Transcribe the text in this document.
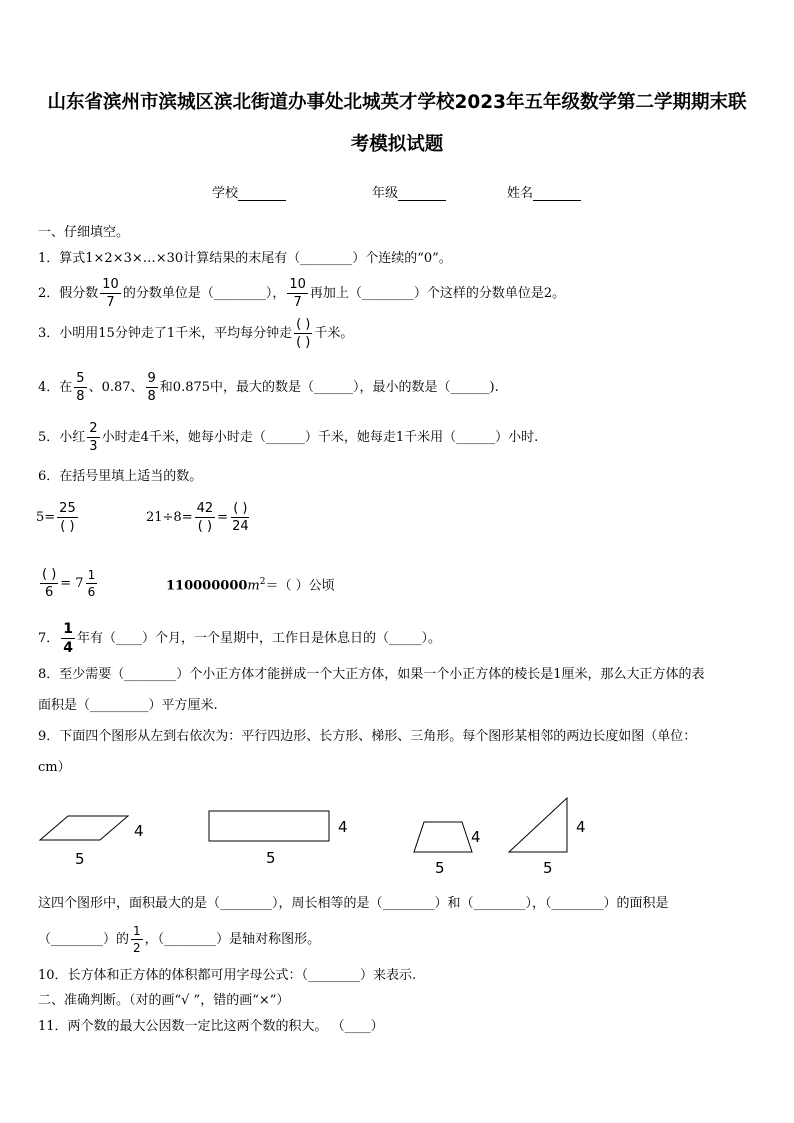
山东省滨州市滨城区滨北街道办事处北城英才学校2023年五年级数学第二学期期末联
考模拟试题
学校	年级	姓名
一、仔细填空。
1．算式1×2×3×…×30计算结果的末尾有（________）个连续的“0”。
2．假分数 $\frac{10}{7}$ 的分数单位是（________）， $\frac{10}{7}$ 再加上（________）个这样的分数单位是2。
3．小明用15分钟走了1千米，平均每分钟走 $\frac{( )}{( )}$ 千米。
4．在 $\frac{5}{8}$ 、0.87、 $\frac{9}{8}$ 和0.875中，最大的数是（______），最小的数是（______).
5．小红 $\frac{2}{3}$ 小时走4千米，她每小时走（______）千米，她每走1千米用（______）小时.
6．在括号里填上适当的数。
$5= \frac{25}{( )}$	$21\div 8= \frac{42}{( )} = \frac{( )}{24}$
$\frac{( )}{6} = 7 \frac{1}{6}$	$110000000m^2=$（ ）公顷
7． $\frac{1}{4}$ 年有（____）个月，一个星期中，工作日是休息日的（_____）。
8．至少需要（________）个小正方体才能拼成一个大正方体，如果一个小正方体的棱长是1厘米，那么大正方体的表
面积是（_________）平方厘米.
9．下面四个图形从左到右依次为：平行四边形、长方形、梯形、三角形。每个图形某相邻的两边长度如图（单位：
cm）
4
5
4
5
4
5
4
5
这四个图形中，面积最大的是（________），周长相等的是（________）和（________），（________）的面积是
（________）的 $\frac{1}{2}$ ，（________）是轴对称图形。
10．长方体和正方体的体积都可用字母公式：（________）来表示.
二、准确判断。（对的画“√ ”，错的画“×”）
11．两个数的最大公因数一定比这两个数的积大。 （____）
